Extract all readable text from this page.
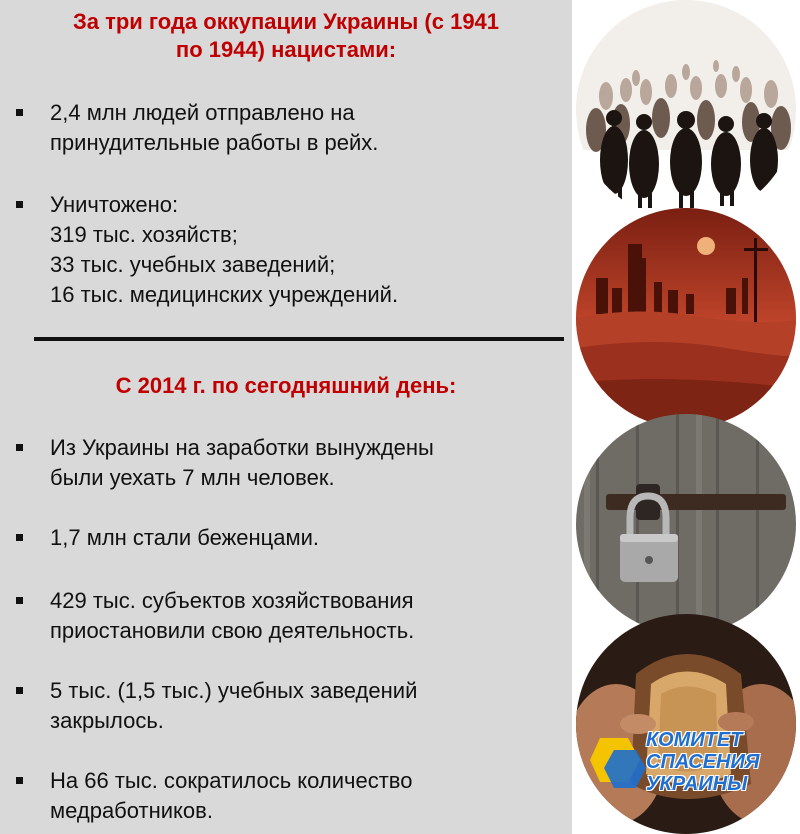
За три года оккупации Украины (с 1941
по 1944) нацистами:
2,4 млн людей отправлено на
принудительные работы в рейх.
Уничтожено:
319 тыс. хозяйств;
33 тыс. учебных заведений;
16 тыс. медицинских учреждений.
С 2014 г. по сегодняшний день:
Из Украины на заработки вынуждены
были уехать 7 млн человек.
1,7 млн стали беженцами.
429 тыс. субъектов хозяйствования
приостановили свою деятельность.
5 тыс. (1,5 тыс.) учебных заведений
закрылось.
На 66 тыс. сократилось количество
медработников.
КОМИТЕТ
СПАСЕНИЯ
УКРАИНЫ
